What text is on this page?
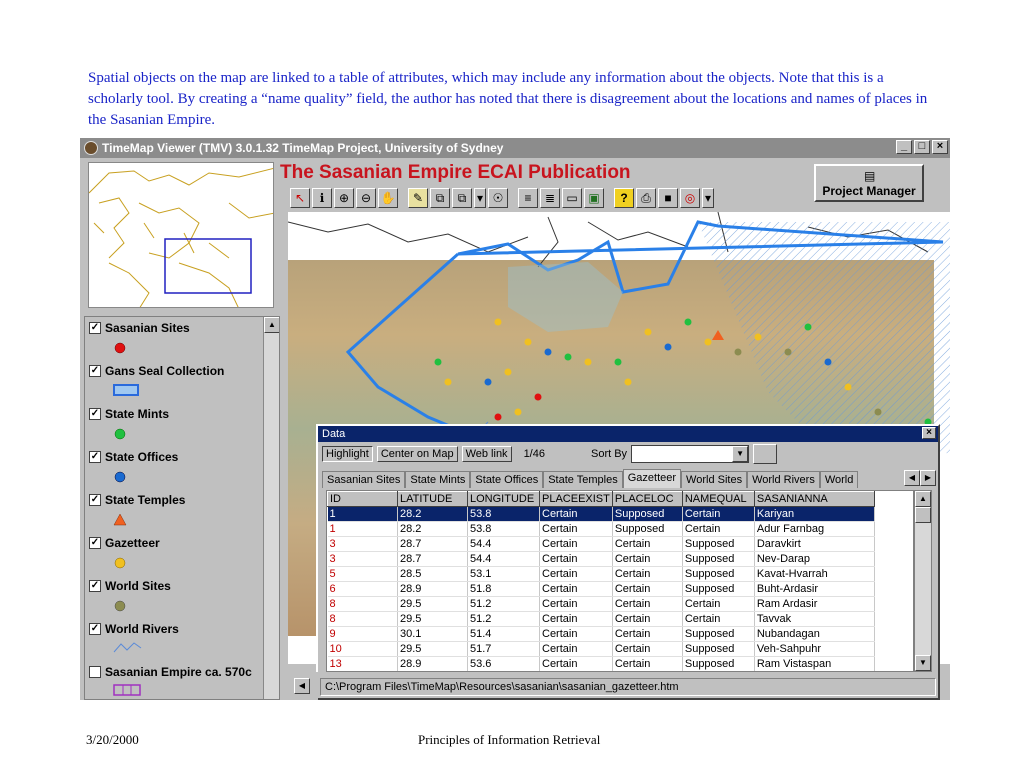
Spatial objects on the map are linked to a table of attributes, which may include any information about the objects. Note that this is a scholarly tool. By creating a “name quality” field, the author has noted that there is disagreement about the locations and names of places in the Sasanian Empire.
TimeMap Viewer (TMV) 3.0.1.32 TimeMap Project, University of Sydney	_	□	×
The Sasanian Empire ECAI Publication
↖	ℹ	⊕ ⊖ ✋	✎	⧉	⧉ ▾ ☉	≡	≣ ▭ ▣	?	⎙	■	◎ ▾
▤
Project Manager
✓ Sasanian Sites
✓ Gans Seal Collection
✓ State Mints
✓ State Offices
✓ State Temples
✓ Gazetteer
✓ World Sites
✓ World Rivers
Sasanian Empire ca. 570c
▲
Data	×
Highlight	Center on Map	Web link	1/46	Sort By	▼
Sasanian Sites State Mints State Offices State Temples Gazetteer World Sites World Rivers World	◀	▶
ID	LATITUDE	LONGITUDE	PLACEEXIST	PLACELOC	NAMEQUAL	SASANIANNA
1	28.2	53.8	Certain	Supposed	Certain	Kariyan
1	28.2	53.8	Certain	Supposed	Certain	Adur Farnbag
3	28.7	54.4	Certain	Certain	Supposed	Daravkirt
3	28.7	54.4	Certain	Certain	Supposed	Nev-Darap
5	28.5	53.1	Certain	Certain	Supposed	Kavat-Hvarrah
6	28.9	51.8	Certain	Certain	Supposed	Buht-Ardasir
8	29.5	51.2	Certain	Certain	Certain	Ram Ardasir
8	29.5	51.2	Certain	Certain	Certain	Tavvak
9	30.1	51.4	Certain	Certain	Supposed	Nubandagan
10	29.5	51.7	Certain	Certain	Supposed	Veh-Sahpuhr
13	28.9	53.6	Certain	Certain	Supposed	Ram Vistaspan
▲
▼
C:\Program Files\TimeMap\Resources\sasanian\sasanian_gazetteer.htm
◀
3/20/2000	Principles of Information Retrieval
